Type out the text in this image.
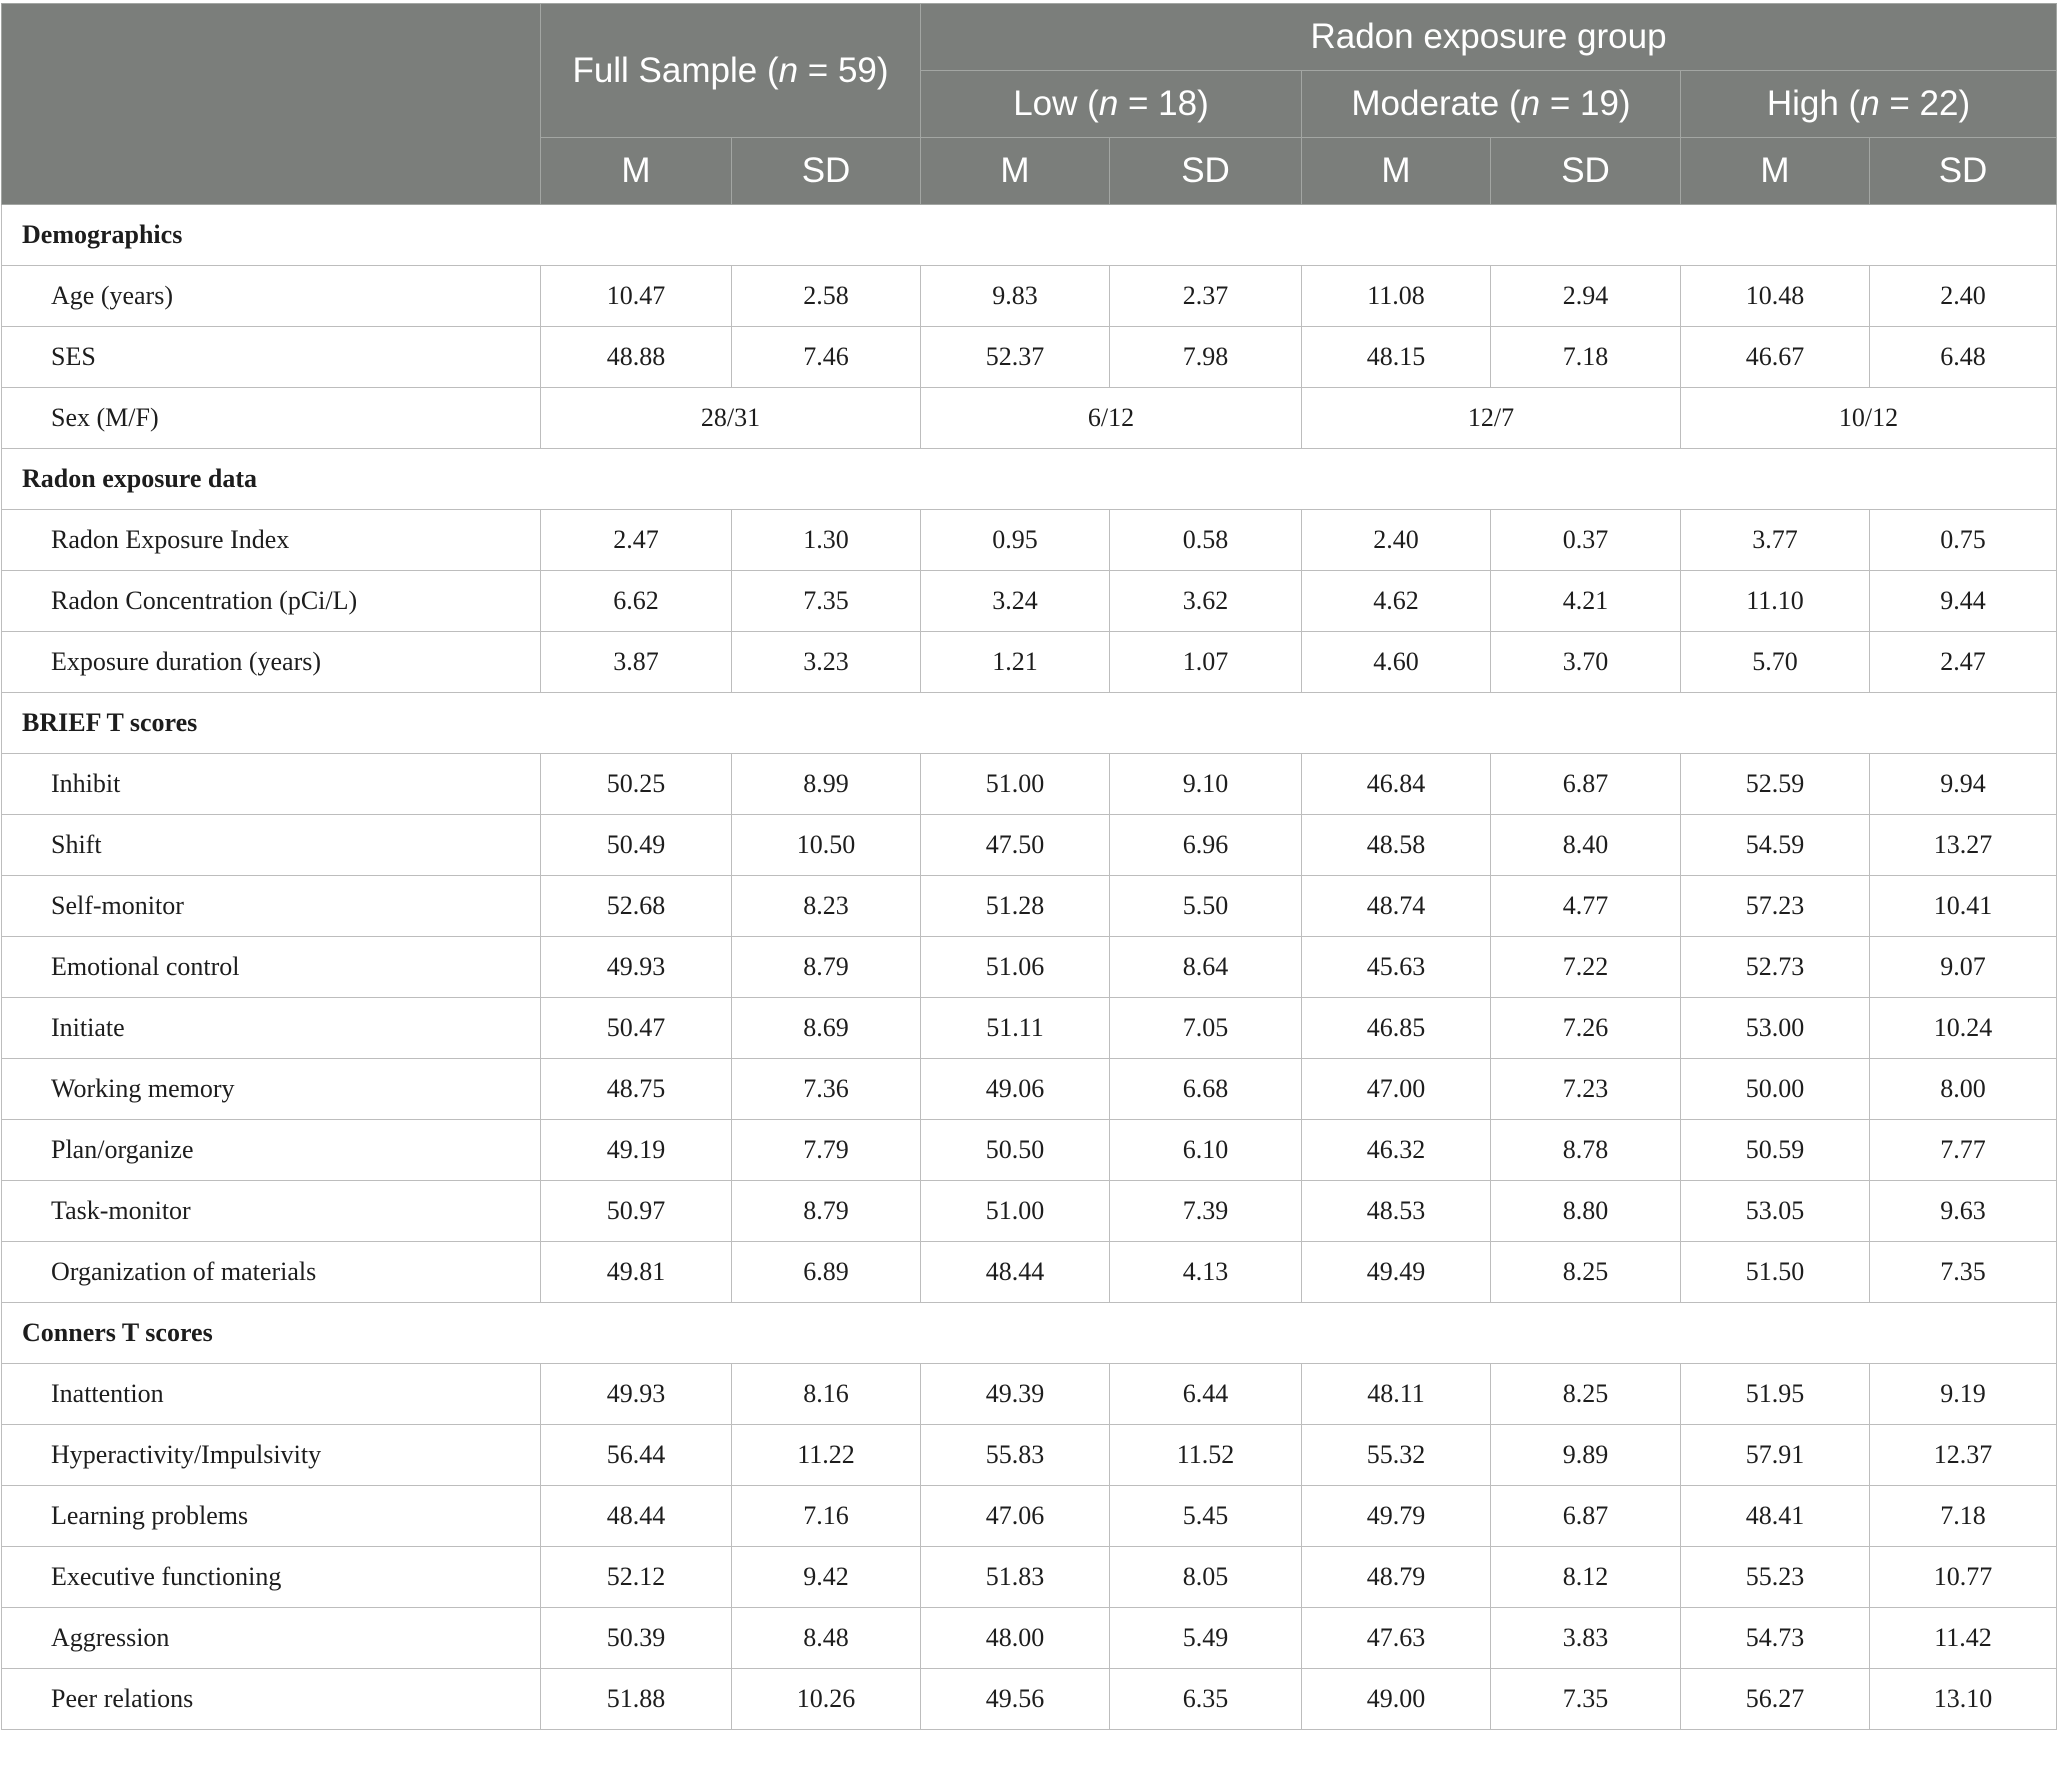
	Full Sample (n = 59)		Radon exposure group					
			Low (n = 18)		Moderate (n = 19)		High (n = 22)	
	M	SD	M	SD	M	SD	M	SD
Demographics								
Age (years)	10.47	2.58	9.83	2.37	11.08	2.94	10.48	2.40
SES	48.88	7.46	52.37	7.98	48.15	7.18	46.67	6.48
Sex (M/F)	28/31		6/12		12/7		10/12	
Radon exposure data								
Radon Exposure Index	2.47	1.30	0.95	0.58	2.40	0.37	3.77	0.75
Radon Concentration (pCi/L)	6.62	7.35	3.24	3.62	4.62	4.21	11.10	9.44
Exposure duration (years)	3.87	3.23	1.21	1.07	4.60	3.70	5.70	2.47
BRIEF T scores								
Inhibit	50.25	8.99	51.00	9.10	46.84	6.87	52.59	9.94
Shift	50.49	10.50	47.50	6.96	48.58	8.40	54.59	13.27
Self-monitor	52.68	8.23	51.28	5.50	48.74	4.77	57.23	10.41
Emotional control	49.93	8.79	51.06	8.64	45.63	7.22	52.73	9.07
Initiate	50.47	8.69	51.11	7.05	46.85	7.26	53.00	10.24
Working memory	48.75	7.36	49.06	6.68	47.00	7.23	50.00	8.00
Plan/organize	49.19	7.79	50.50	6.10	46.32	8.78	50.59	7.77
Task-monitor	50.97	8.79	51.00	7.39	48.53	8.80	53.05	9.63
Organization of materials	49.81	6.89	48.44	4.13	49.49	8.25	51.50	7.35
Conners T scores								
Inattention	49.93	8.16	49.39	6.44	48.11	8.25	51.95	9.19
Hyperactivity/Impulsivity	56.44	11.22	55.83	11.52	55.32	9.89	57.91	12.37
Learning problems	48.44	7.16	47.06	5.45	49.79	6.87	48.41	7.18
Executive functioning	52.12	9.42	51.83	8.05	48.79	8.12	55.23	10.77
Aggression	50.39	8.48	48.00	5.49	47.63	3.83	54.73	11.42
Peer relations	51.88	10.26	49.56	6.35	49.00	7.35	56.27	13.10
